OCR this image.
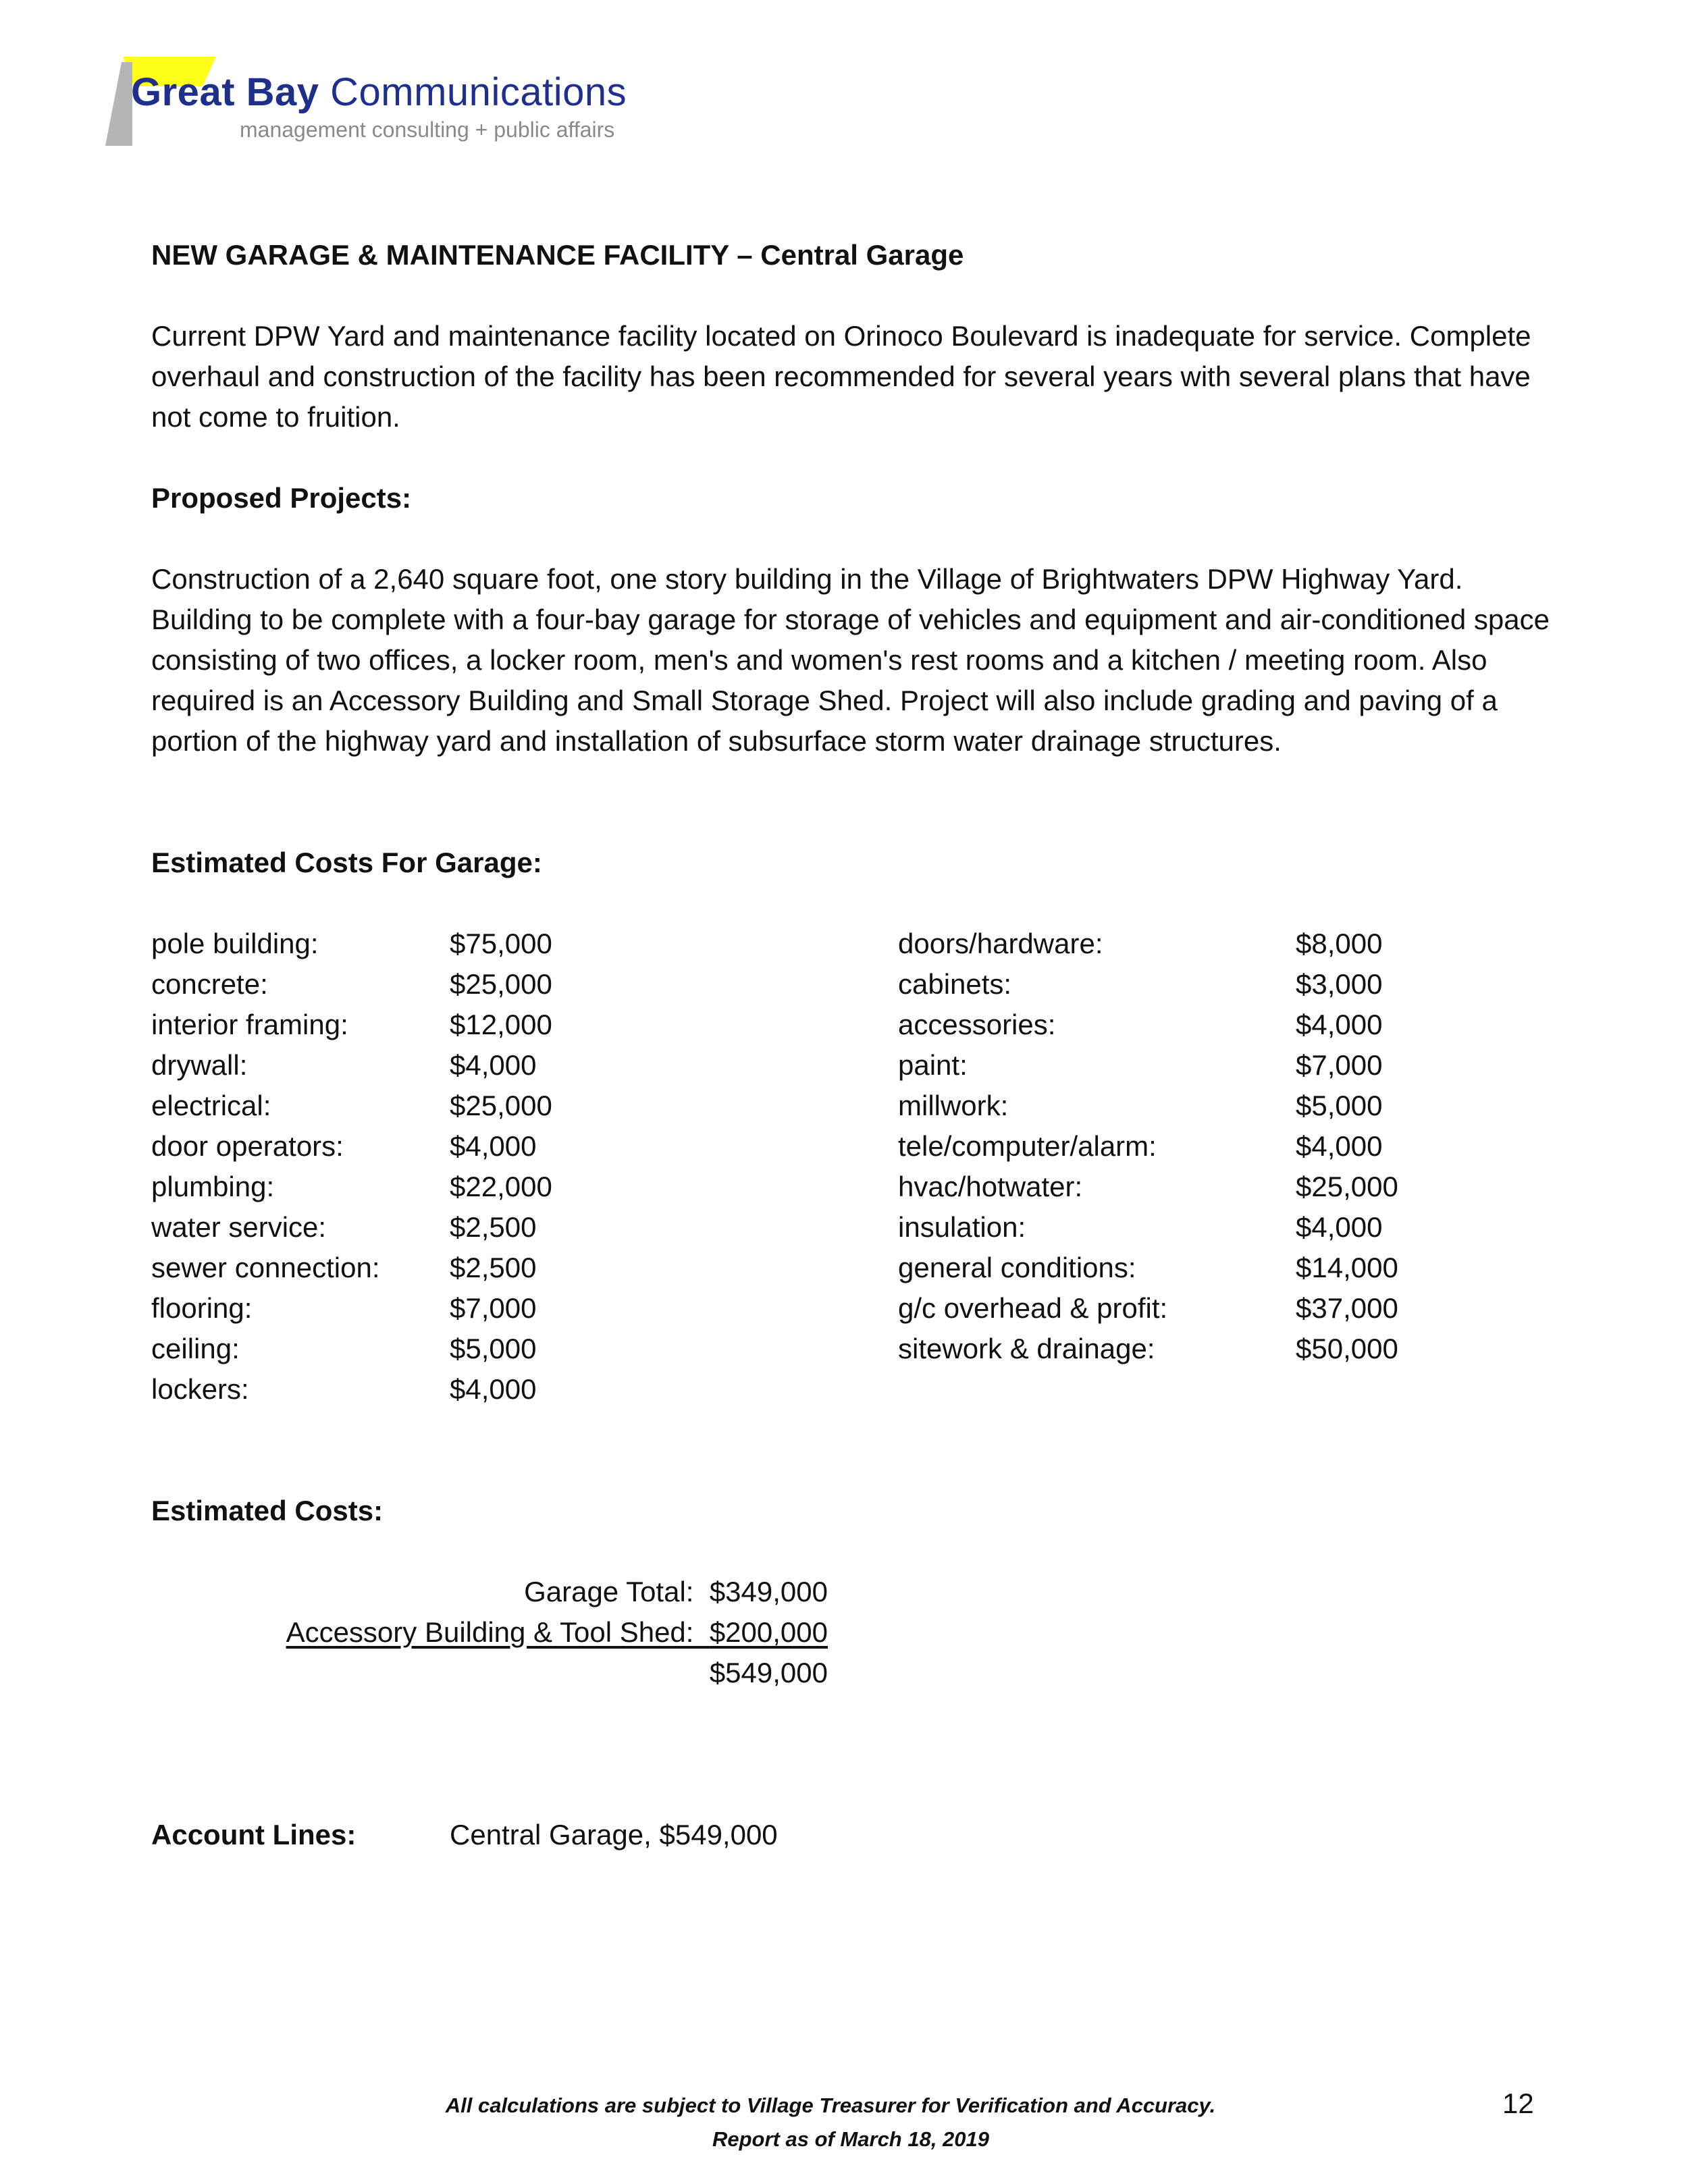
Great Bay Communications
management consulting + public affairs
NEW GARAGE & MAINTENANCE FACILITY – Central Garage
Current DPW Yard and maintenance facility located on Orinoco Boulevard is inadequate for service. Complete overhaul and construction of the facility has been recommended for several years with several plans that have not come to fruition.
Proposed Projects:
Construction of a 2,640 square foot, one story building in the Village of Brightwaters DPW Highway Yard. Building to be complete with a four-bay garage for storage of vehicles and equipment and air-conditioned space consisting of two offices, a locker room, men's and women's rest rooms and a kitchen / meeting room. Also required is an Accessory Building and Small Storage Shed. Project will also include grading and paving of a portion of the highway yard and installation of subsurface storm water drainage structures.
Estimated Costs For Garage:
pole building:	$75,000
concrete:	$25,000
interior framing:	$12,000
drywall:	$4,000
electrical:	$25,000
door operators:	$4,000
plumbing:	$22,000
water service:	$2,500
sewer connection: $2,500
flooring:	$7,000
ceiling:	$5,000
lockers:	$4,000
doors/hardware:	$8,000
cabinets:	$3,000
accessories:	$4,000
paint:	$7,000
millwork:	$5,000
tele/computer/alarm:	$4,000
hvac/hotwater:	$25,000
insulation:	$4,000
general conditions:	$14,000
g/c overhead & profit:	$37,000
sitework & drainage:	$50,000
Estimated Costs:
Garage Total: $349,000
Accessory Building & Tool Shed: $200,000
$549,000
Account Lines:	Central Garage, $549,000
All calculations are subject to Village Treasurer for Verification and Accuracy.
Report as of March 18, 2019
12
